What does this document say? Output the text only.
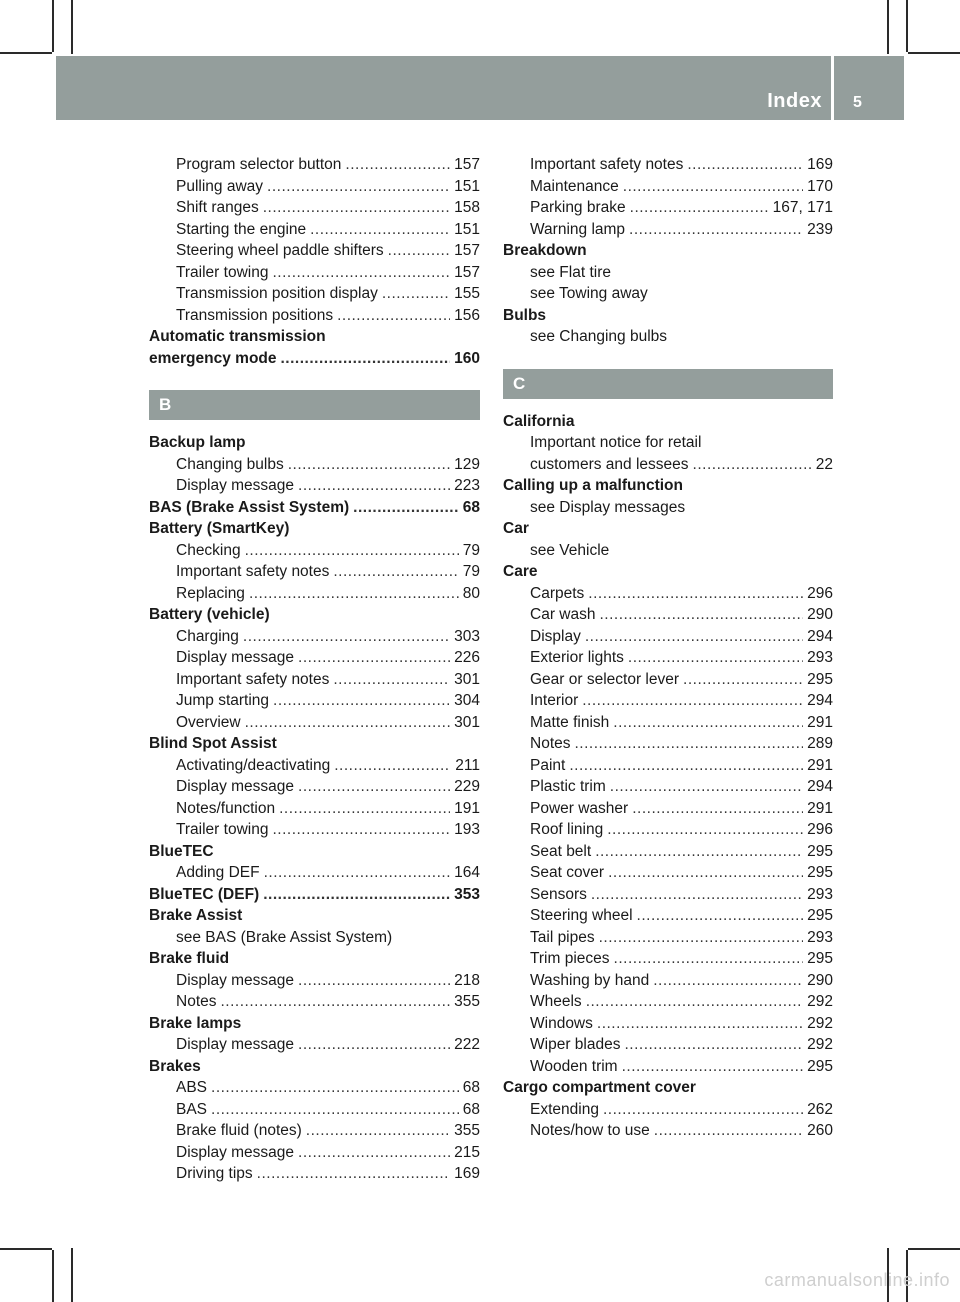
Index 5
Program selector button .....	157
Pulling away .....	151
Shift ranges .....	158
Starting the engine .....	151
Steering wheel paddle shifters .....	157
Trailer towing .....	157
Transmission position display .....	155
Transmission positions .....	156
Automatic transmission
emergency mode .....	160
B
Backup lamp
Changing bulbs .....	129
Display message .....	223
BAS (Brake Assist System) .....	68
Battery (SmartKey)
Checking .....	79
Important safety notes .....	79
Replacing .....	80
Battery (vehicle)
Charging .....	303
Display message .....	226
Important safety notes .....	301
Jump starting .....	304
Overview .....	301
Blind Spot Assist
Activating/deactivating .....	211
Display message .....	229
Notes/function .....	191
Trailer towing .....	193
BlueTEC
Adding DEF .....	164
BlueTEC (DEF) .....	353
Brake Assist
see BAS (Brake Assist System)
Brake fluid
Display message .....	218
Notes .....	355
Brake lamps
Display message .....	222
Brakes
ABS .....	68
BAS .....	68
Brake fluid (notes) .....	355
Display message .....	215
Driving tips .....	169
Important safety notes .....	169
Maintenance .....	170
Parking brake .....	167, 171
Warning lamp .....	239
Breakdown
see Flat tire
see Towing away
Bulbs
see Changing bulbs
C
California
Important notice for retail
customers and lessees .....	22
Calling up a malfunction
see Display messages
Car
see Vehicle
Care
Carpets .....	296
Car wash .....	290
Display .....	294
Exterior lights .....	293
Gear or selector lever .....	295
Interior .....	294
Matte finish .....	291
Notes .....	289
Paint .....	291
Plastic trim .....	294
Power washer .....	291
Roof lining .....	296
Seat belt .....	295
Seat cover .....	295
Sensors .....	293
Steering wheel .....	295
Tail pipes .....	293
Trim pieces .....	295
Washing by hand .....	290
Wheels .....	292
Windows .....	292
Wiper blades .....	292
Wooden trim .....	295
Cargo compartment cover
Extending .....	262
Notes/how to use .....	260
carmanualsonline.info
